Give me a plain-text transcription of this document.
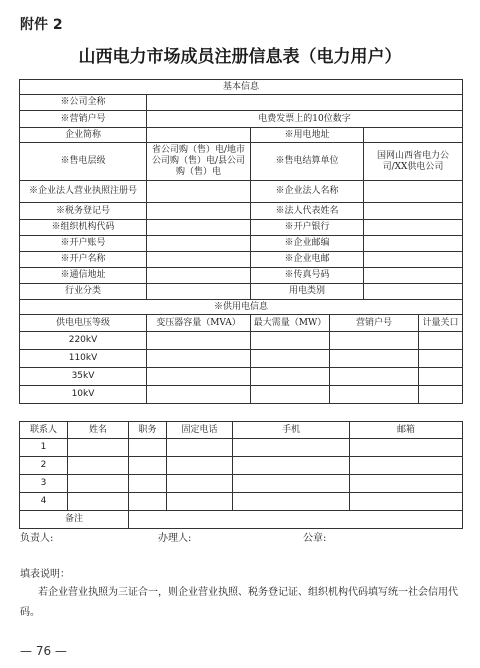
附件 2
山西电力市场成员注册信息表（电力用户）
基本信息					
※公司全称					
※营销户号	电费发票上的10位数字				
企业简称		※用电地址			
※售电层级	省公司购（售）电/地市公司购（售）电/县公司购（售）电	※售电结算单位		国网山西省电力公司/XX供电公司	
※企业法人营业执照注册号		※企业法人名称			
※税务登记号		※法人代表姓名			
※组织机构代码		※开户银行			
※开户账号		※企业邮编			
※开户名称		※企业电邮			
※通信地址		※传真号码			
行业分类		用电类别			
※供用电信息					
供电电压等级	变压器容量（MVA）	最大需量（MW）	营销户号		计量关口
220kV					
110kV					
35kV					
10kV					
联系人	姓名	职务	固定电话	手机	邮箱
1					
2					
3					
4					
备注					
负责人:	办理人:	公章:
填表说明：
若企业营业执照为三证合一，则企业营业执照、税务登记证、组织机构代码填写统一社会信用代码。
— 76 —
